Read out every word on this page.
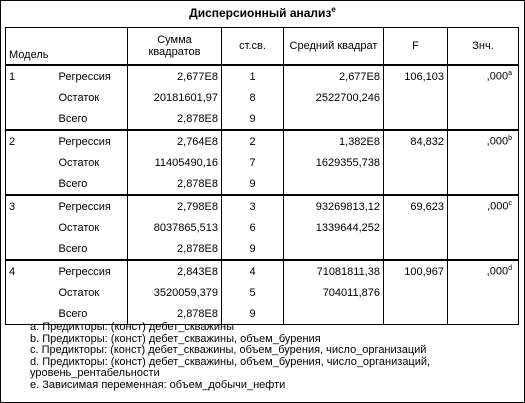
Дисперсионный анализ$^e$
Модель		Сумма квадратов	ст.св.	Средний квадрат	F	Знч.
1	Регрессия	2,677E8	1	2,677E8	106,103	,000$^a$
	Остаток	20181601,97	8	2522700,246		
	Всего	2,878E8	9			
2	Регрессия	2,764E8	2	1,382E8	84,832	,000$^b$
	Остаток	11405490,16	7	1629355,738		
	Всего	2,878E8	9			
3	Регрессия	2,798E8	3	93269813,12	69,623	,000$^c$
	Остаток	8037865,513	6	1339644,252		
	Всего	2,878E8	9			
4	Регрессия	2,843E8	4	71081811,38	100,967	,000$^d$
	Остаток	3520059,379	5	704011,876		
	Всего	2,878E8	9			
a. Предикторы: (конст) дебет_скважины
b. Предикторы: (конст) дебет_скважины, объем_бурения
c. Предикторы: (конст) дебет_скважины, объем_бурения, число_организаций
d. Предикторы: (конст) дебет_скважины, объем_бурения, число_организаций,
уровень_рентабельности
e. Зависимая переменная: объем_добычи_нефти
